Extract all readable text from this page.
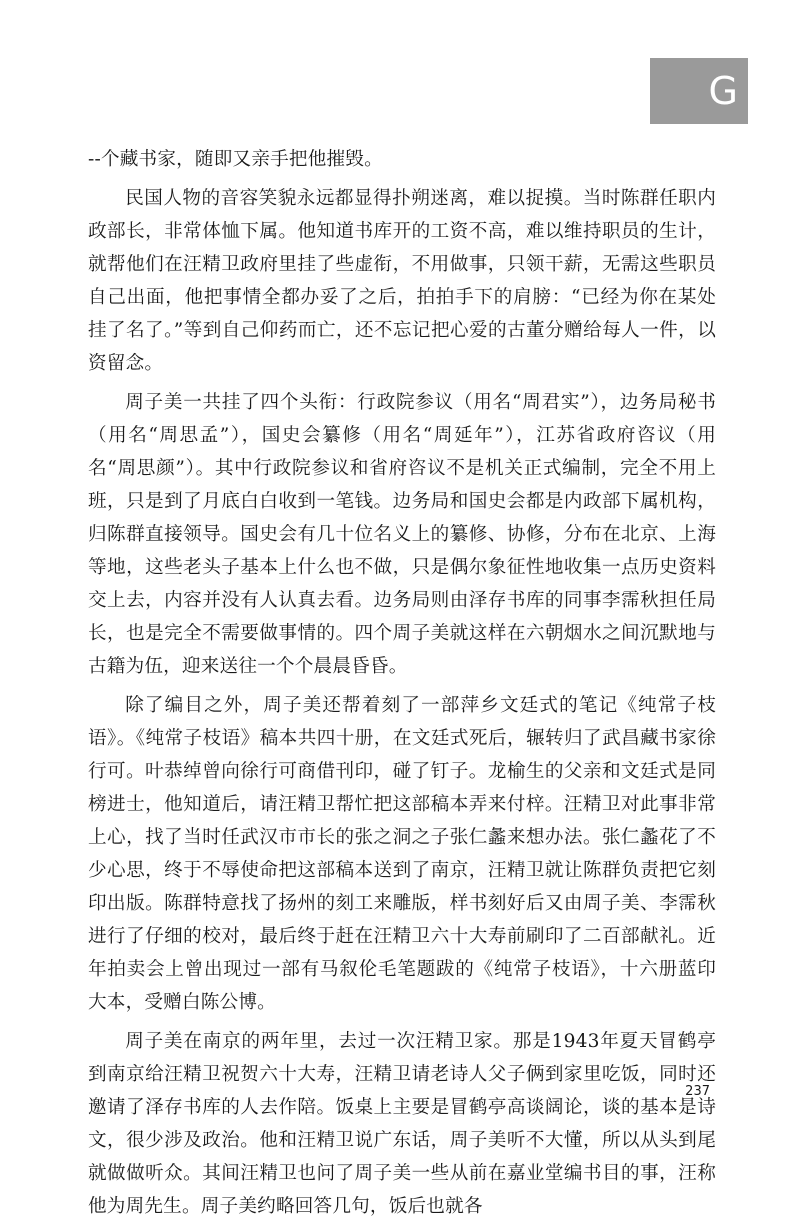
G

--个藏书家，随即又亲手把他摧毁。

民国人物的音容笑貌永远都显得扑朔迷离，难以捉摸。当时陈群任职内政部长，非常体恤下属。他知道书库开的工资不高，难以维持职员的生计，就帮他们在汪精卫政府里挂了些虚衔，不用做事，只领干薪，无需这些职员自己出面，他把事情全都办妥了之后，拍拍手下的肩膀：“已经为你在某处挂了名了。”等到自己仰药而亡，还不忘记把心爱的古董分赠给每人一件，以资留念。

周子美一共挂了四个头衔：行政院参议（用名“周君实”），边务局秘书（用名“周思孟”），国史会纂修（用名“周延年”），江苏省政府咨议（用名“周思颜”）。其中行政院参议和省府咨议不是机关正式编制，完全不用上班，只是到了月底白白收到一笔钱。边务局和国史会都是内政部下属机构，归陈群直接领导。国史会有几十位名义上的纂修、协修，分布在北京、上海等地，这些老头子基本上什么也不做，只是偶尔象征性地收集一点历史资料交上去，内容并没有人认真去看。边务局则由泽存书库的同事李霈秋担任局长，也是完全不需要做事情的。四个周子美就这样在六朝烟水之间沉默地与古籍为伍，迎来送往一个个晨晨昏昏。

除了编目之外，周子美还帮着刻了一部萍乡文廷式的笔记《纯常子枝语》。《纯常子枝语》稿本共四十册，在文廷式死后，辗转归了武昌藏书家徐行可。叶恭绰曾向徐行可商借刊印，碰了钉子。龙榆生的父亲和文廷式是同榜进士，他知道后，请汪精卫帮忙把这部稿本弄来付梓。汪精卫对此事非常上心，找了当时任武汉市市长的张之洞之子张仁蠡来想办法。张仁蠡花了不少心思，终于不辱使命把这部稿本送到了南京，汪精卫就让陈群负责把它刻印出版。陈群特意找了扬州的刻工来雕版，样书刻好后又由周子美、李霈秋进行了仔细的校对，最后终于赶在汪精卫六十大寿前刷印了二百部献礼。近年拍卖会上曾出现过一部有马叙伦毛笔题跋的《纯常子枝语》，十六册蓝印大本，受赠白陈公博。

周子美在南京的两年里，去过一次汪精卫家。那是1943年夏天冒鹤亭到南京给汪精卫祝贺六十大寿，汪精卫请老诗人父子俩到家里吃饭，同时还邀请了泽存书库的人去作陪。饭桌上主要是冒鹤亭高谈阔论，谈的基本是诗文，很少涉及政治。他和汪精卫说广东话，周子美听不大懂，所以从头到尾就做做听众。其间汪精卫也问了周子美一些从前在嘉业堂编书目的事，汪称他为周先生。周子美约略回答几句，饭后也就各

237
